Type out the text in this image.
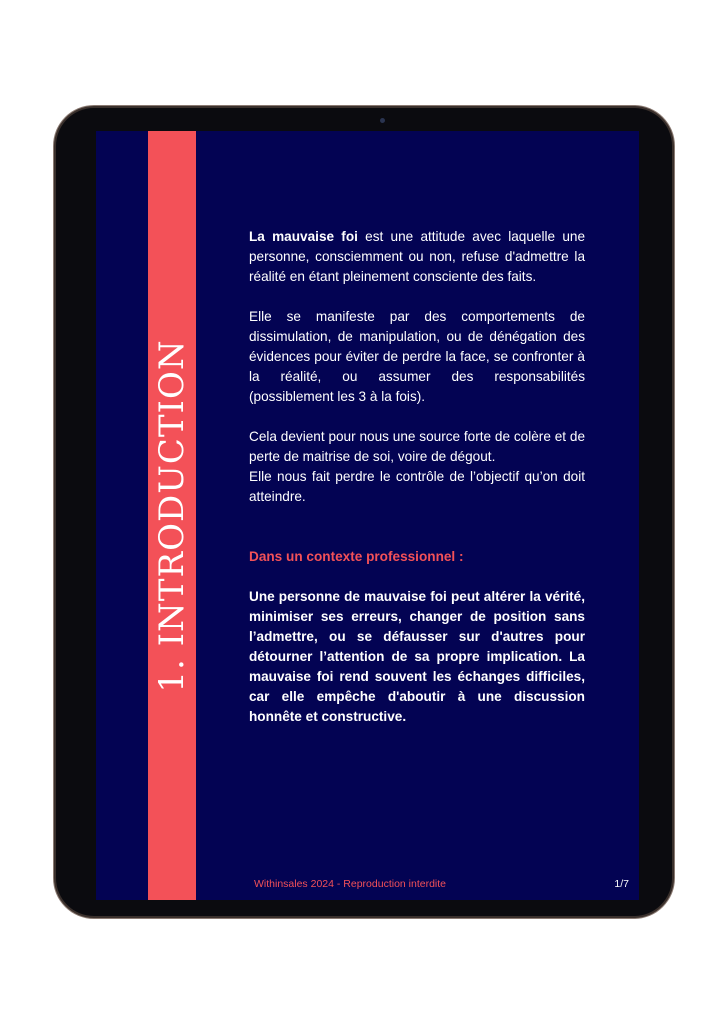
1. INTRODUCTION

La mauvaise foi est une attitude avec laquelle une personne, consciemment ou non, refuse d'admettre la réalité en étant pleinement consciente des faits.

Elle se manifeste par des comportements de dissimulation, de manipulation, ou de dénégation des évidences pour éviter de perdre la face, se confronter à la réalité, ou assumer des responsabilités (possiblement les 3 à la fois).

Cela devient pour nous une source forte de colère et de perte de maitrise de soi, voire de dégout.

Elle nous fait perdre le contrôle de l’objectif qu’on doit atteindre.

Dans un contexte professionnel :

Une personne de mauvaise foi peut altérer la vérité, minimiser ses erreurs, changer de position sans l’admettre, ou se défausser sur d'autres pour détourner l’attention de sa propre implication. La mauvaise foi rend souvent les échanges difficiles, car elle empêche d'aboutir à une discussion honnête et constructive.

Withinsales 2024 - Reproduction interdite	1/7
